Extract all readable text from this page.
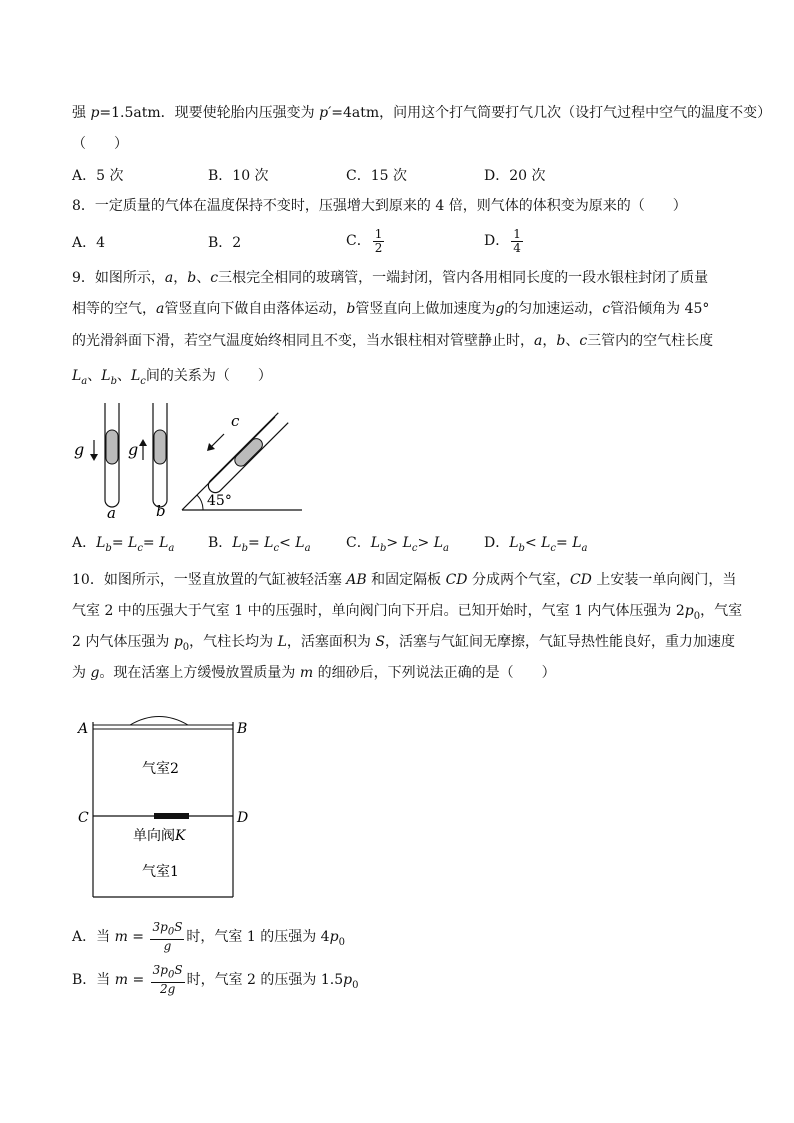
强 p=1.5atm．现要使轮胎内压强变为 p′=4atm，问用这个打气筒要打气几次（设打气过程中空气的温度不变）
（　　）
A．5 次	B．10 次	C．15 次	D．20 次
8．一定质量的气体在温度保持不变时，压强增大到原来的 4 倍，则气体的体积变为原来的（　　）
A．4	B．2	C． $\frac{1}{2}$	D． $\frac{1}{4}$
9．如图所示，a，b、c三根完全相同的玻璃管，一端封闭，管内各用相同长度的一段水银柱封闭了质量
相等的空气，a管竖直向下做自由落体运动，b管竖直向上做加速度为g的匀加速运动，c管沿倾角为 45°
的光滑斜面下滑，若空气温度始终相同且不变，当水银柱相对管壁静止时，a，b、c三管内的空气柱长度
$L_a$、$L_b$、$L_c$间的关系为（　　）
g	g
a	b
45°
c
A．$L_b= L_c= L_a$ B．$L_b= L_c< L_a$	C．$L_b> L_c> L_a$	D．$L_b< L_c= L_a$
10．如图所示，一竖直放置的气缸被轻活塞 AB 和固定隔板 CD 分成两个气室，CD 上安装一单向阀门，当
气室 2 中的压强大于气室 1 中的压强时，单向阀门向下开启。已知开始时，气室 1 内气体压强为 $2p_0$，气室
2 内气体压强为 $p_0$，气柱长均为 L，活塞面积为 S，活塞与气缸间无摩擦，气缸导热性能良好，重力加速度
为 g。现在活塞上方缓慢放置质量为 m 的细砂后，下列说法正确的是（　　）
A	B
C	D
气室2
单向阀K
气室1
A．当 $m = \frac{3p_0S}{g}$ 时，气室 1 的压强为 $4p_0$
B．当 $m = \frac{3p_0S}{2g}$ 时，气室 2 的压强为 $1.5p_0$
